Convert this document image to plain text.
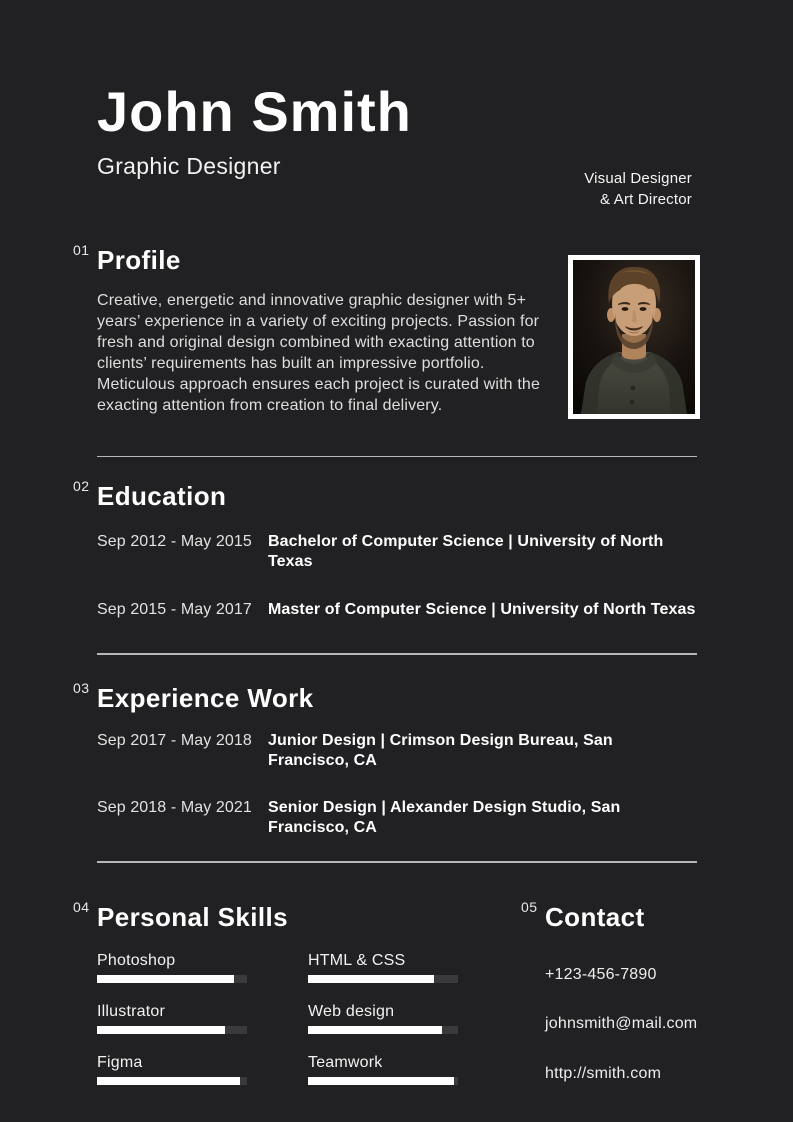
John Smith
Graphic Designer	Visual Designer
& Art Director
01 Profile
Creative, energetic and innovative graphic designer with 5+ years’ experience in a variety of exciting projects. Passion for fresh and original design combined with exacting attention to clients’ requirements has built an impressive portfolio. Meticulous approach ensures each project is curated with the exacting attention from creation to final delivery.
02 Education
Sep 2012 - May 2015	Bachelor of Computer Science | University of North Texas
Sep 2015 - May 2017	Master of Computer Science | University of North Texas
03 Experience Work
Sep 2017 - May 2018	Junior Design | Crimson Design Bureau, San Francisco, CA
Sep 2018 - May 2021	Senior Design | Alexander Design Studio, San Francisco, CA
04 Personal Skills
Photoshop	HTML & CSS
Illustrator	Web design
Figma	Teamwork
05 Contact
+123-456-7890
johnsmith@mail.com
http://smith.com
